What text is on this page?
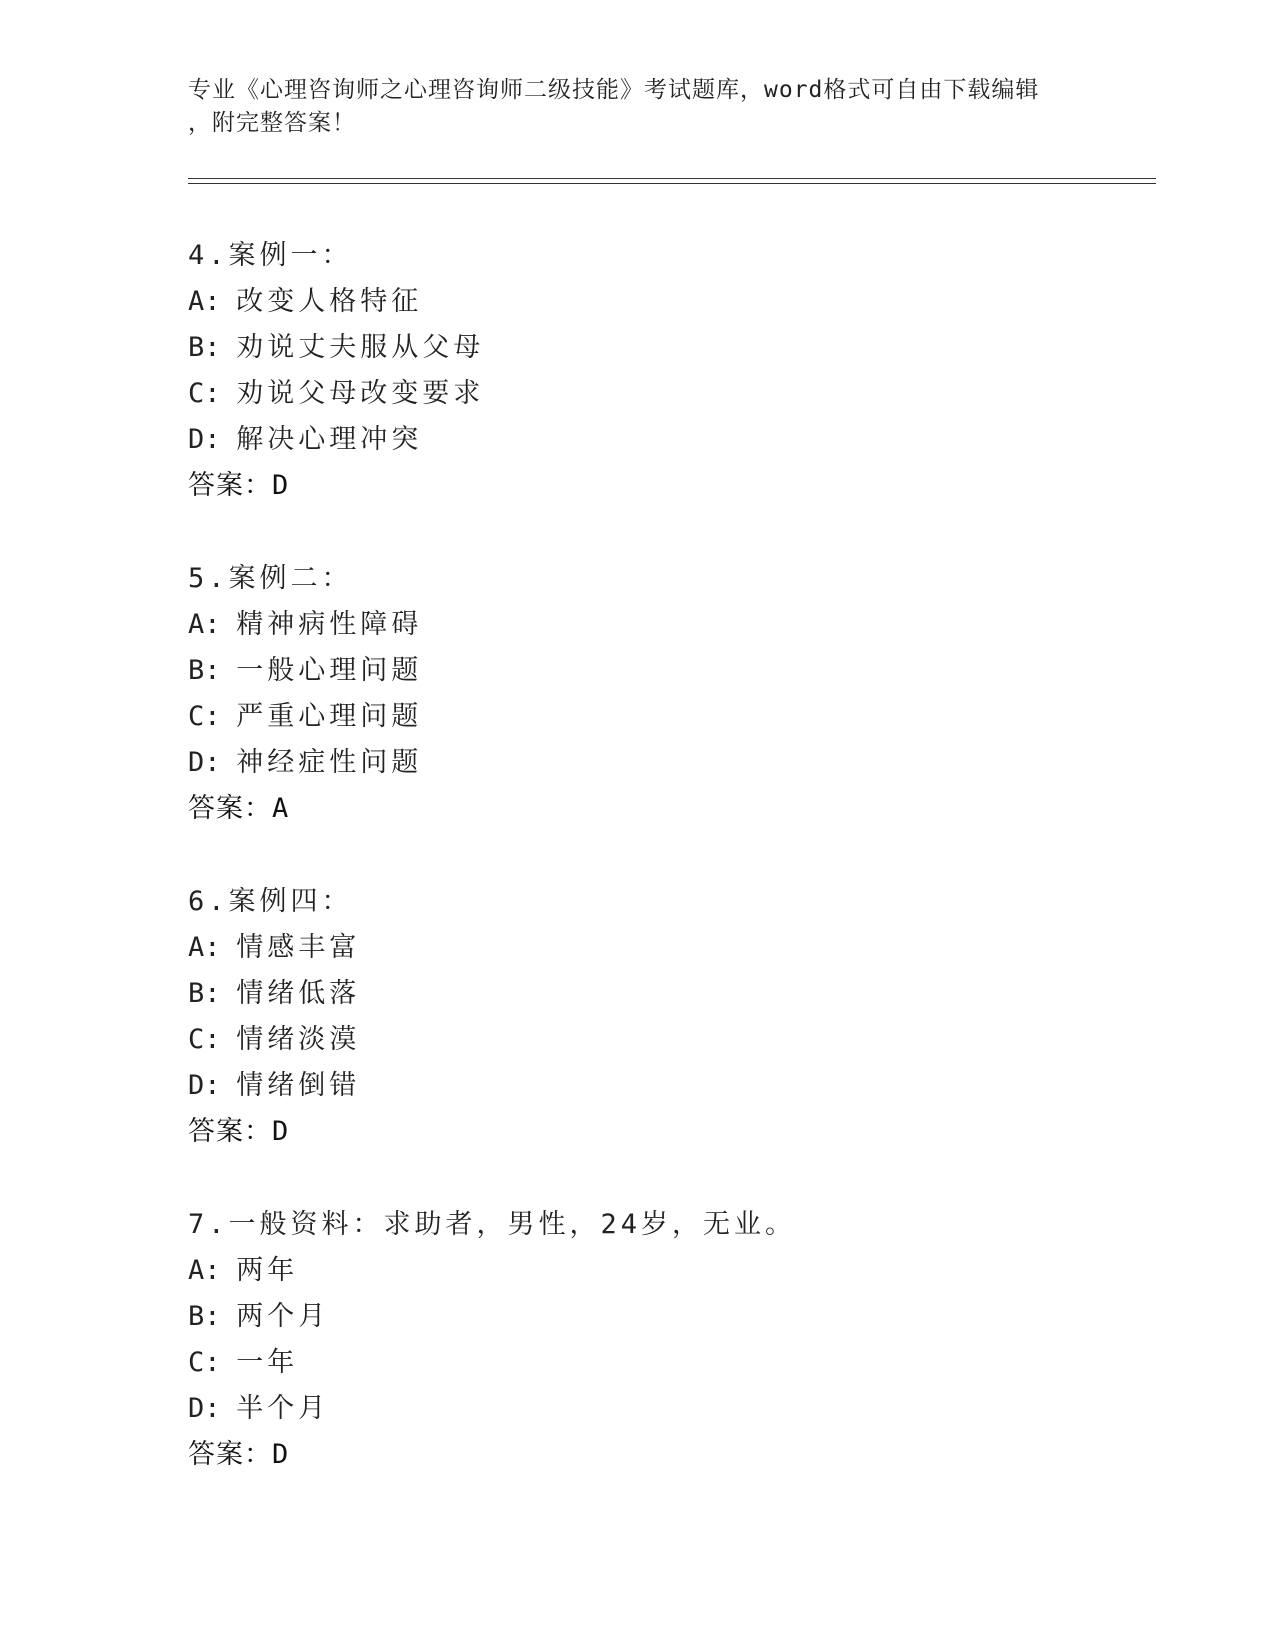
专业《心理咨询师之心理咨询师二级技能》考试题库，word格式可自由下载编辑
，附完整答案！
4.案例一：
A: 改变人格特征
B: 劝说丈夫服从父母
C: 劝说父母改变要求
D: 解决心理冲突
答案：D
5.案例二：
A: 精神病性障碍
B: 一般心理问题
C: 严重心理问题
D: 神经症性问题
答案：A
6.案例四：
A: 情感丰富
B: 情绪低落
C: 情绪淡漠
D: 情绪倒错
答案：D
7.一般资料：求助者，男性，24岁，无业。
A: 两年
B: 两个月
C: 一年
D: 半个月
答案：D
